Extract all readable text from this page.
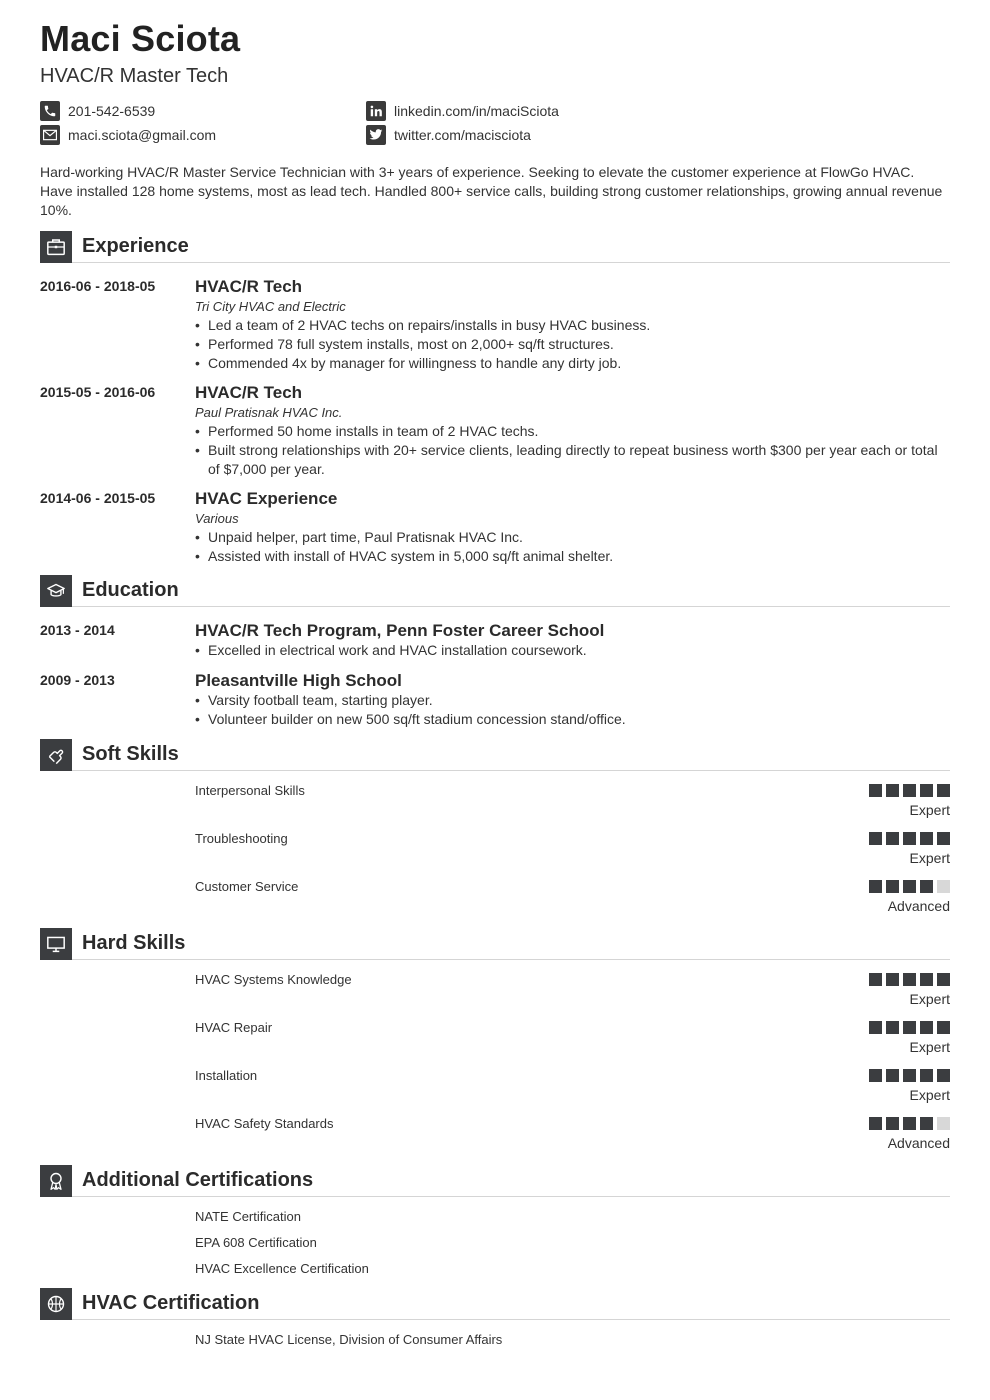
Maci Sciota
HVAC/R Master Tech
201-542-6539
maci.sciota@gmail.com
linkedin.com/in/maciSciota
twitter.com/macisciota
Hard-working HVAC/R Master Service Technician with 3+ years of experience. Seeking to elevate the customer experience at FlowGo HVAC. Have installed 128 home systems, most as lead tech. Handled 800+ service calls, building strong customer relationships, growing annual revenue 10%.
Experience
2016-06 - 2018-05 HVAC/R Tech
Tri City HVAC and Electric
• Led a team of 2 HVAC techs on repairs/installs in busy HVAC business.
• Performed 78 full system installs, most on 2,000+ sq/ft structures.
• Commended 4x by manager for willingness to handle any dirty job.
2015-05 - 2016-06 HVAC/R Tech
Paul Pratisnak HVAC Inc.
• Performed 50 home installs in team of 2 HVAC techs.
• Built strong relationships with 20+ service clients, leading directly to repeat business worth $300 per year each or total of $7,000 per year.
2014-06 - 2015-05 HVAC Experience
Various
• Unpaid helper, part time, Paul Pratisnak HVAC Inc.
• Assisted with install of HVAC system in 5,000 sq/ft animal shelter.
Education
2013 - 2014	HVAC/R Tech Program, Penn Foster Career School
• Excelled in electrical work and HVAC installation coursework.
2009 - 2013	Pleasantville High School
• Varsity football team, starting player.
• Volunteer builder on new 500 sq/ft stadium concession stand/office.
Soft Skills
Interpersonal Skills
Expert
Troubleshooting
Expert
Customer Service
Advanced
Hard Skills
HVAC Systems Knowledge
Expert
HVAC Repair
Expert
Installation
Expert
HVAC Safety Standards
Advanced
Additional Certifications
NATE Certification
EPA 608 Certification
HVAC Excellence Certification
HVAC Certification
NJ State HVAC License, Division of Consumer Affairs
